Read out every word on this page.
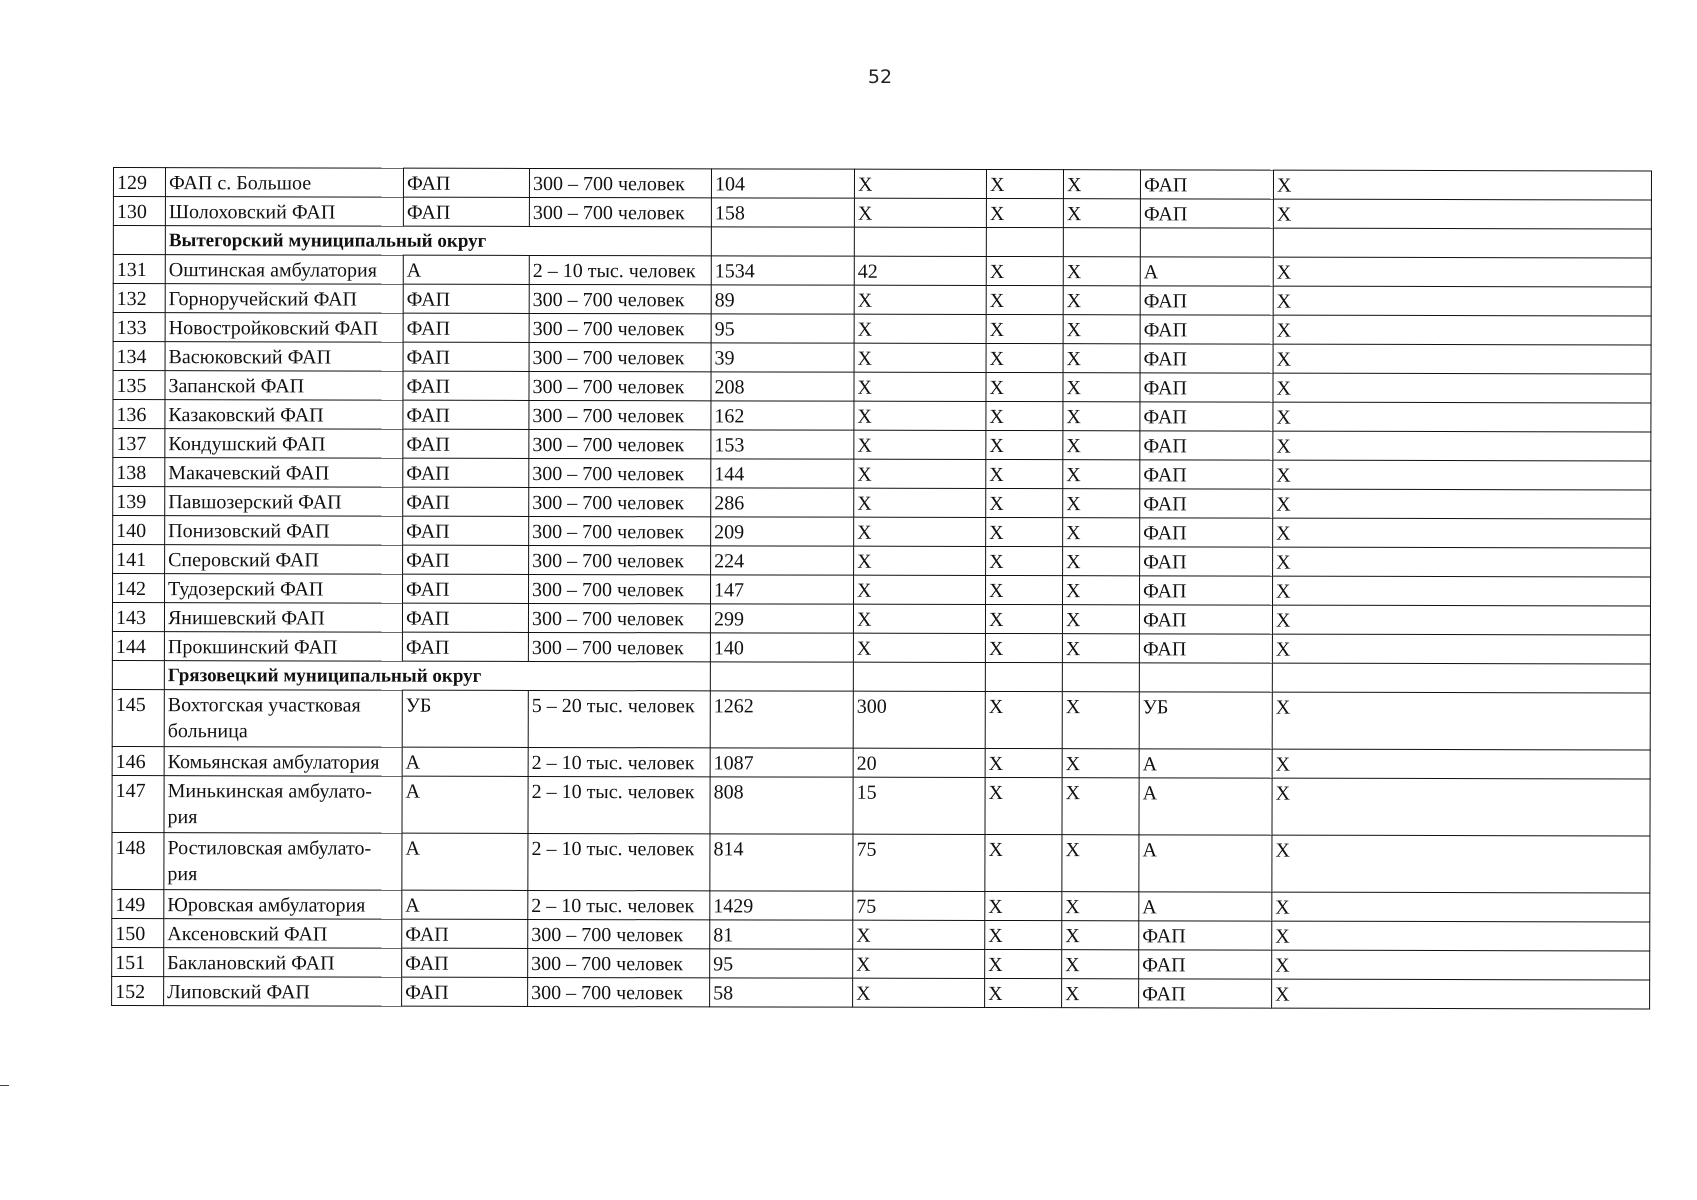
52
129	ФАП с. Большое	ФАП	300 – 700 человек	104	X	X	X	ФАП	X
130	Шолоховский ФАП	ФАП	300 – 700 человек	158	X	X	X	ФАП	X
	Вытегорский муниципальный округ								
131	Оштинская амбулатория	А	2 – 10 тыс. человек	1534	42	X	X	А	X
132	Горноручейский ФАП	ФАП	300 – 700 человек	89	X	X	X	ФАП	X
133	Новостройковский ФАП	ФАП	300 – 700 человек	95	X	X	X	ФАП	X
134	Васюковский ФАП	ФАП	300 – 700 человек	39	X	X	X	ФАП	X
135	Запанской ФАП	ФАП	300 – 700 человек	208	X	X	X	ФАП	X
136	Казаковский ФАП	ФАП	300 – 700 человек	162	X	X	X	ФАП	X
137	Кондушский ФАП	ФАП	300 – 700 человек	153	X	X	X	ФАП	X
138	Макачевский ФАП	ФАП	300 – 700 человек	144	X	X	X	ФАП	X
139	Павшозерский ФАП	ФАП	300 – 700 человек	286	X	X	X	ФАП	X
140	Понизовский ФАП	ФАП	300 – 700 человек	209	X	X	X	ФАП	X
141	Сперовский ФАП	ФАП	300 – 700 человек	224	X	X	X	ФАП	X
142	Тудозерский ФАП	ФАП	300 – 700 человек	147	X	X	X	ФАП	X
143	Янишевский ФАП	ФАП	300 – 700 человек	299	X	X	X	ФАП	X
144	Прокшинский ФАП	ФАП	300 – 700 человек	140	X	X	X	ФАП	X
	Грязовецкий муниципальный округ								
145	Вохтогская участковая больница	УБ	5 – 20 тыс. человек	1262	300	X	X	УБ	X
146	Комьянская амбулатория	А	2 – 10 тыс. человек	1087	20	X	X	А	X
147	Минькинская амбулато-рия	А	2 – 10 тыс. человек	808	15	X	X	А	X
148	Ростиловская амбулато-рия	А	2 – 10 тыс. человек	814	75	X	X	А	X
149	Юровская амбулатория	А	2 – 10 тыс. человек	1429	75	X	X	А	X
150	Аксеновский ФАП	ФАП	300 – 700 человек	81	X	X	X	ФАП	X
151	Баклановский ФАП	ФАП	300 – 700 человек	95	X	X	X	ФАП	X
152	Липовский ФАП	ФАП	300 – 700 человек	58	X	X	X	ФАП	X
